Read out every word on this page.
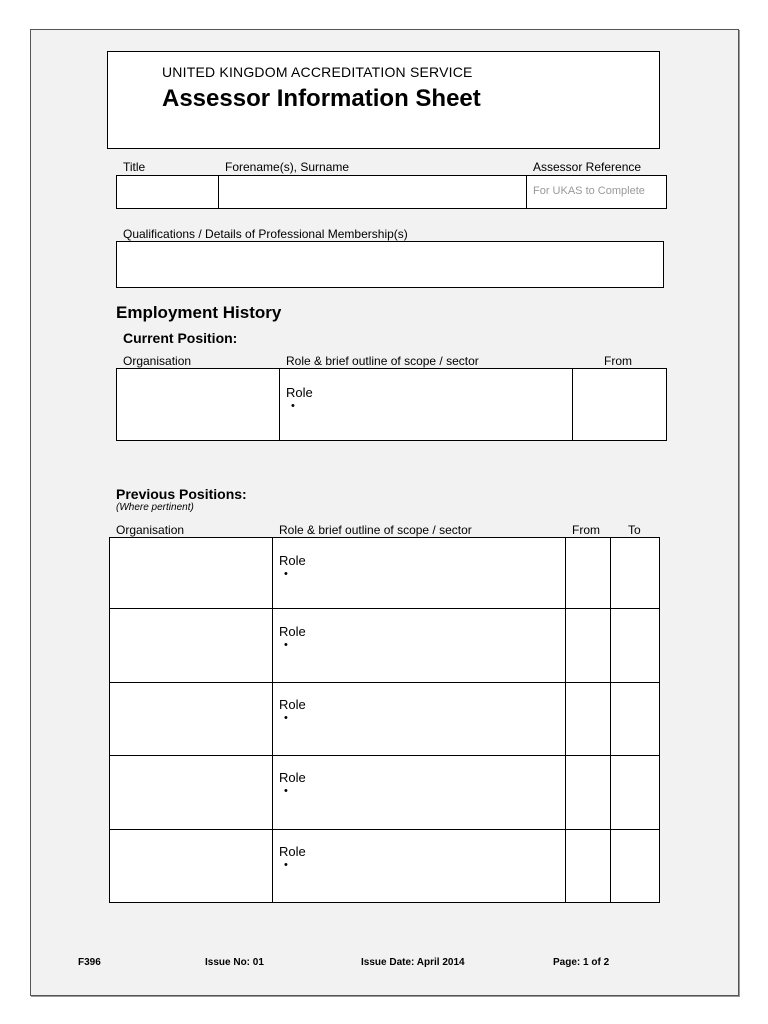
UNITED KINGDOM ACCREDITATION SERVICE
Assessor Information Sheet
Title	Forename(s), Surname	Assessor Reference
For UKAS to Complete
Qualifications / Details of Professional Membership(s)
Employment History
Current Position:
Organisation	Role & brief outline of scope / sector	From
Role
•
Previous Positions:
(Where pertinent)
Organisation	Role & brief outline of scope / sector	From To
Role
•
Role
•
Role
•
Role
•
Role
•
F396	Issue No: 01	Issue Date: April 2014	Page: 1 of 2
